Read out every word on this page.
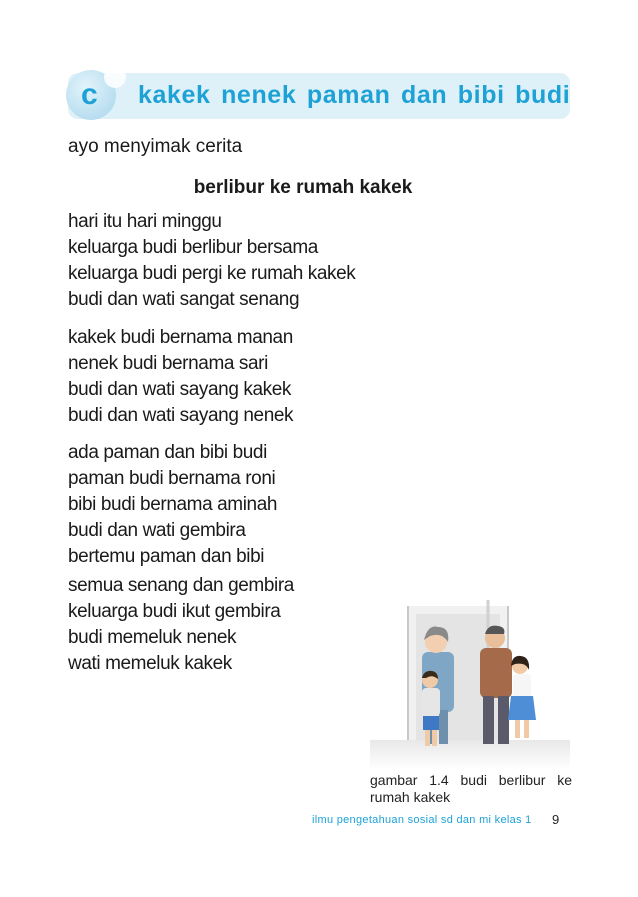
c kakek nenek paman dan bibi budi
ayo menyimak cerita
berlibur ke rumah kakek
hari itu hari minggu
keluarga budi berlibur bersama
keluarga budi pergi ke rumah kakek
budi dan wati sangat senang
kakek budi bernama manan
nenek budi bernama sari
budi dan wati sayang kakek
budi dan wati sayang nenek
ada paman dan bibi budi
paman budi bernama roni
bibi budi bernama aminah
budi dan wati gembira
bertemu paman dan bibi
semua senang dan gembira
keluarga budi ikut gembira
budi memeluk nenek
wati memeluk kakek
gambar 1.4 budi berlibur ke rumah kakek
ilmu pengetahuan sosial sd dan mi kelas 1 9
